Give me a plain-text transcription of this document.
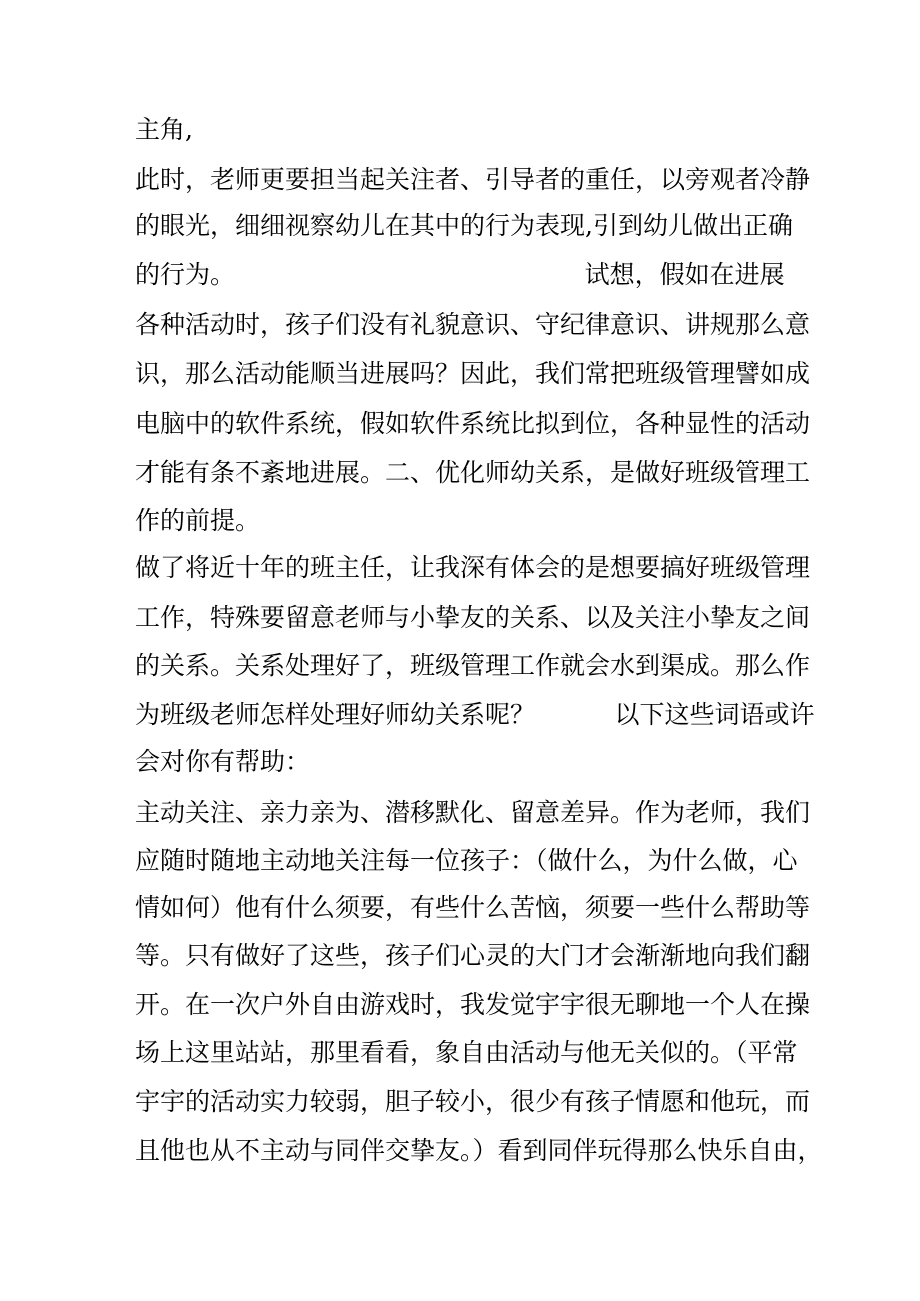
主角,

此时，老师更要担当起关注者、引导者的重任，以旁观者冷静

的眼光，细细视察幼儿在其中的行为表现,引到幼儿做出正确

的行为。                                            试想，假如在进展

各种活动时，孩子们没有礼貌意识、守纪律意识、讲规那么意

识，那么活动能顺当进展吗？因此，我们常把班级管理譬如成

电脑中的软件系统，假如软件系统比拟到位，各种显性的活动

才能有条不紊地进展。二、优化师幼关系，是做好班级管理工

作的前提。

做了将近十年的班主任，让我深有体会的是想要搞好班级管理

工作，特殊要留意老师与小挚友的关系、以及关注小挚友之间

的关系。关系处理好了，班级管理工作就会水到渠成。那么作

为班级老师怎样处理好师幼关系呢？          以下这些词语或许

会对你有帮助：

主动关注、亲力亲为、潜移默化、留意差异。作为老师，我们

应随时随地主动地关注每一位孩子：（做什么，为什么做，心

情如何）他有什么须要，有些什么苦恼，须要一些什么帮助等

等。只有做好了这些，孩子们心灵的大门才会渐渐地向我们翻

开。在一次户外自由游戏时，我发觉宇宇很无聊地一个人在操

场上这里站站，那里看看，象自由活动与他无关似的。（平常

宇宇的活动实力较弱，胆子较小，很少有孩子情愿和他玩，而

且他也从不主动与同伴交挚友。）看到同伴玩得那么快乐自由，
